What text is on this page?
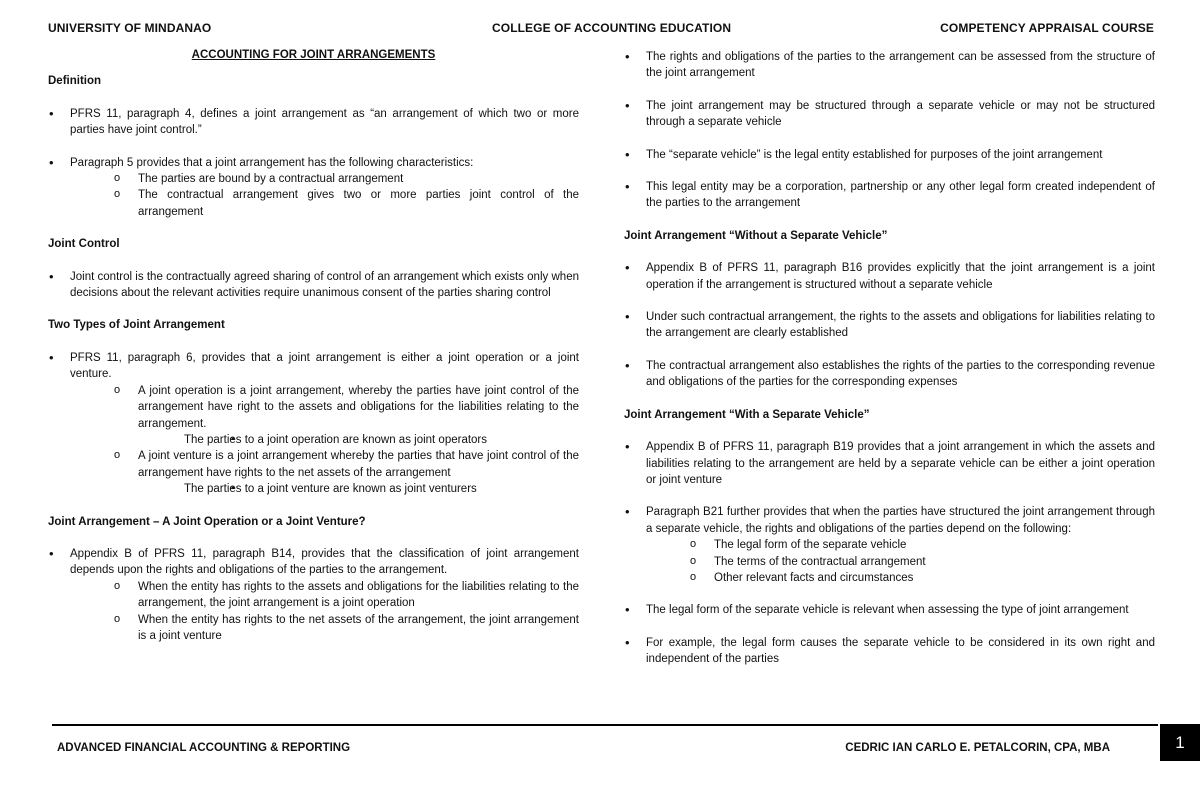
UNIVERSITY OF MINDANAO	COLLEGE OF ACCOUNTING EDUCATION	COMPETENCY APPRAISAL COURSE
ACCOUNTING FOR JOINT ARRANGEMENTS
Definition
• PFRS 11, paragraph 4, defines a joint arrangement as “an arrangement of which two or more parties have joint control.”
• Paragraph 5 provides that a joint arrangement has the following characteristics:
o The parties are bound by a contractual arrangement
o The contractual arrangement gives two or more parties joint control of the arrangement
Joint Control
• Joint control is the contractually agreed sharing of control of an arrangement which exists only when decisions about the relevant activities require unanimous consent of the parties sharing control
Two Types of Joint Arrangement
• PFRS 11, paragraph 6, provides that a joint arrangement is either a joint operation or a joint venture.
o A joint operation is a joint arrangement, whereby the parties have joint control of the arrangement have right to the assets and obligations for the liabilities relating to the arrangement.
▪ The parties to a joint operation are known as joint operators
o A joint venture is a joint arrangement whereby the parties that have joint control of the arrangement have rights to the net assets of the arrangement
▪ The parties to a joint venture are known as joint venturers
Joint Arrangement – A Joint Operation or a Joint Venture?
• Appendix B of PFRS 11, paragraph B14, provides that the classification of joint arrangement depends upon the rights and obligations of the parties to the arrangement.
o When the entity has rights to the assets and obligations for the liabilities relating to the arrangement, the joint arrangement is a joint operation
o When the entity has rights to the net assets of the arrangement, the joint arrangement is a joint venture
• The rights and obligations of the parties to the arrangement can be assessed from the structure of the joint arrangement
• The joint arrangement may be structured through a separate vehicle or may not be structured through a separate vehicle
• The “separate vehicle” is the legal entity established for purposes of the joint arrangement
• This legal entity may be a corporation, partnership or any other legal form created independent of the parties to the arrangement
Joint Arrangement “Without a Separate Vehicle”
• Appendix B of PFRS 11, paragraph B16 provides explicitly that the joint arrangement is a joint operation if the arrangement is structured without a separate vehicle
• Under such contractual arrangement, the rights to the assets and obligations for liabilities relating to the arrangement are clearly established
• The contractual arrangement also establishes the rights of the parties to the corresponding revenue and obligations of the parties for the corresponding expenses
Joint Arrangement “With a Separate Vehicle”
• Appendix B of PFRS 11, paragraph B19 provides that a joint arrangement in which the assets and liabilities relating to the arrangement are held by a separate vehicle can be either a joint operation or joint venture
• Paragraph B21 further provides that when the parties have structured the joint arrangement through a separate vehicle, the rights and obligations of the parties depend on the following:
o The legal form of the separate vehicle
o The terms of the contractual arrangement
o Other relevant facts and circumstances
• The legal form of the separate vehicle is relevant when assessing the type of joint arrangement
• For example, the legal form causes the separate vehicle to be considered in its own right and independent of the parties
ADVANCED FINANCIAL ACCOUNTING & REPORTING	CEDRIC IAN CARLO E. PETALCORIN, CPA, MBA	1
